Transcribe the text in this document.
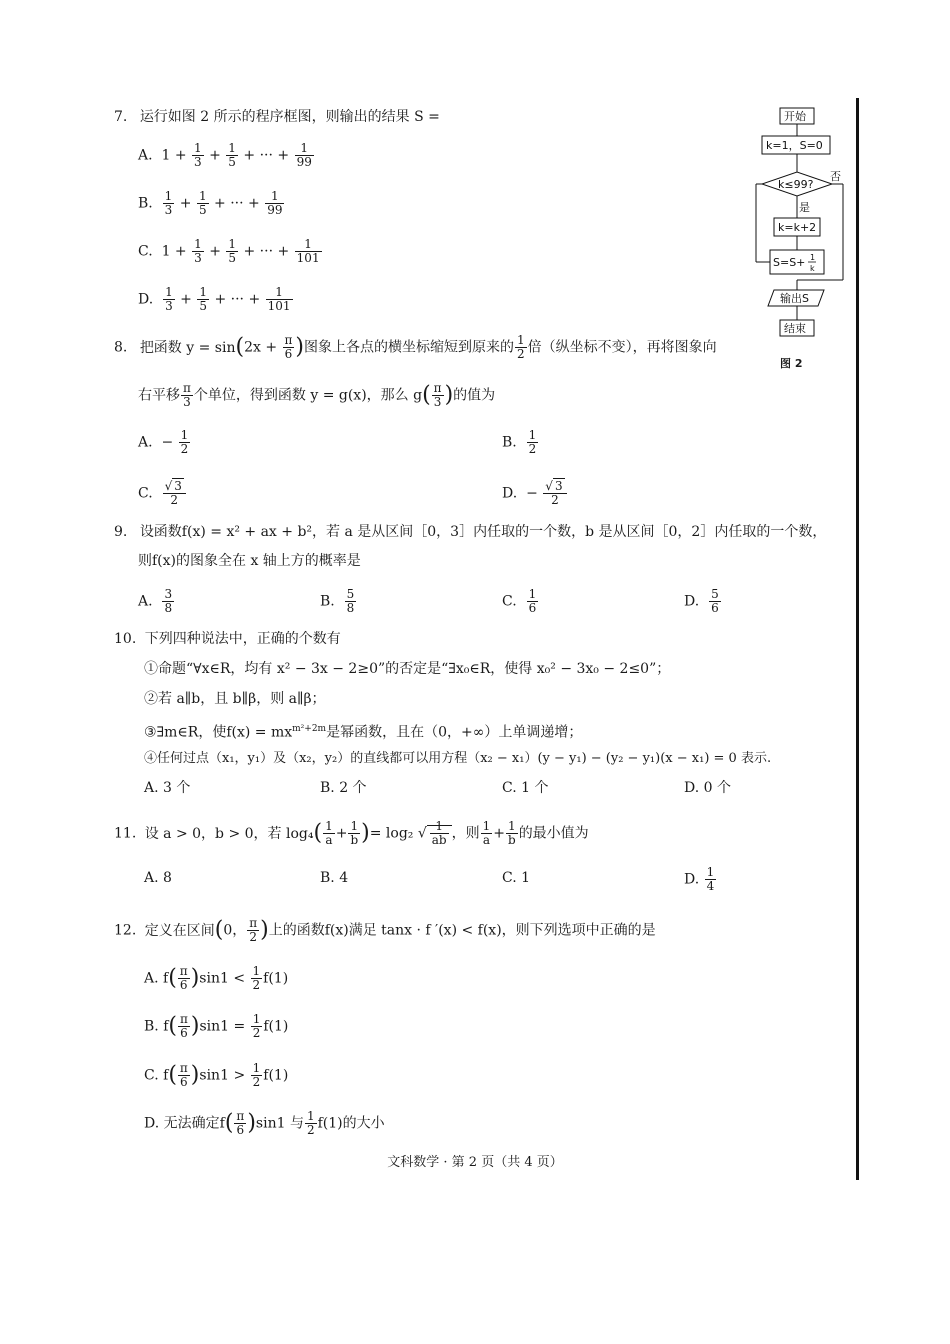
开始
k=1，S=0
k≤99?
否
是
k=k+2
S=S+ 1
k
输出S
结束
图 2
7. 运行如图 2 所示的程序框图，则输出的结果 S =
A.  $1 + \frac{1}{3} + \frac{1}{5}$ + ··· + $\frac{1}{99}$
B. $\frac{1}{3} + \frac{1}{5}$ + ··· + $\frac{1}{99}$
C.  $1 + \frac{1}{3} + \frac{1}{5}$ + ··· + $\frac{1}{101}$
D. $\frac{1}{3} + \frac{1}{5}$ + ··· + $\frac{1}{101}$
8. 把函数 $y = \sin(2x + \frac{\pi}{6}$ )图象上各点的横坐标缩短到原来的 $\frac{1}{2}$ 倍（纵坐标不变），再将图象向
右平移 $\frac{\pi}{3}$ 个单位，得到函数 y = g(x)，那么 $g( \frac{\pi}{3}$ )的值为
A.  − $\frac{1}{2}$	B. $\frac{1}{2}$
C. $\frac{√ 3}{2}$	D.  − $\frac{√ 3}{2}$
9. 设函数f(x) = x² + ax + b²，若 a 是从区间［0，3］内任取的一个数，b 是从区间［0，2］内任取的一个数，
则f(x)的图象全在 x 轴上方的概率是
A. $\frac{3}{8}$	B. $\frac{5}{8}$	C. $\frac{1}{6}$	D. $\frac{5}{6}$
10. 下列四种说法中，正确的个数有
①命题“∀x∈R，均有 x² − 3x − 2≥0”的否定是“∃x₀∈R，使得 x₀² − 3x₀ − 2≤0”；
②若 a∥b，且 b∥β，则 a∥β；
③∃m∈R，使$f(x) = mx^{m^2+2m}$是幂函数，且在（0，+∞）上单调递增；
④任何过点（x₁，y₁）及（x₂，y₂）的直线都可以用方程（x₂ − x₁）(y − y₁) − (y₂ − y₁)(x − x₁) = 0 表示.
A. 3 个	B. 2 个	C. 1 个	D. 0 个
11. 设 a > 0，b > 0，若 $\log_4( \frac{1}{a} + \frac{1}{b}$ )= log₂ √ $\frac{1}{ab}$ ，则 $\frac{1}{a} + \frac{1}{b}$ 的最小值为
A. 8	B. 4	C. 1	D. $\frac{1}{4}$
12. 定义在区间(0， $\frac{\pi}{2}$ )上的函数f(x)满足 tanx · f ′(x) < f(x)，则下列选项中正确的是
A. $f( \frac{\pi}{6} )\sin 1 < \frac{1}{2} f(1)$
B. $f( \frac{\pi}{6} )\sin 1 = \frac{1}{2} f(1)$
C. $f( \frac{\pi}{6} )\sin 1 > \frac{1}{2} f(1)$
D. 无法确定$f( \frac{\pi}{6} )\sin 1$ 与 $\frac{1}{2} f(1)$的大小
文科数学 · 第 2 页（共 4 页）
